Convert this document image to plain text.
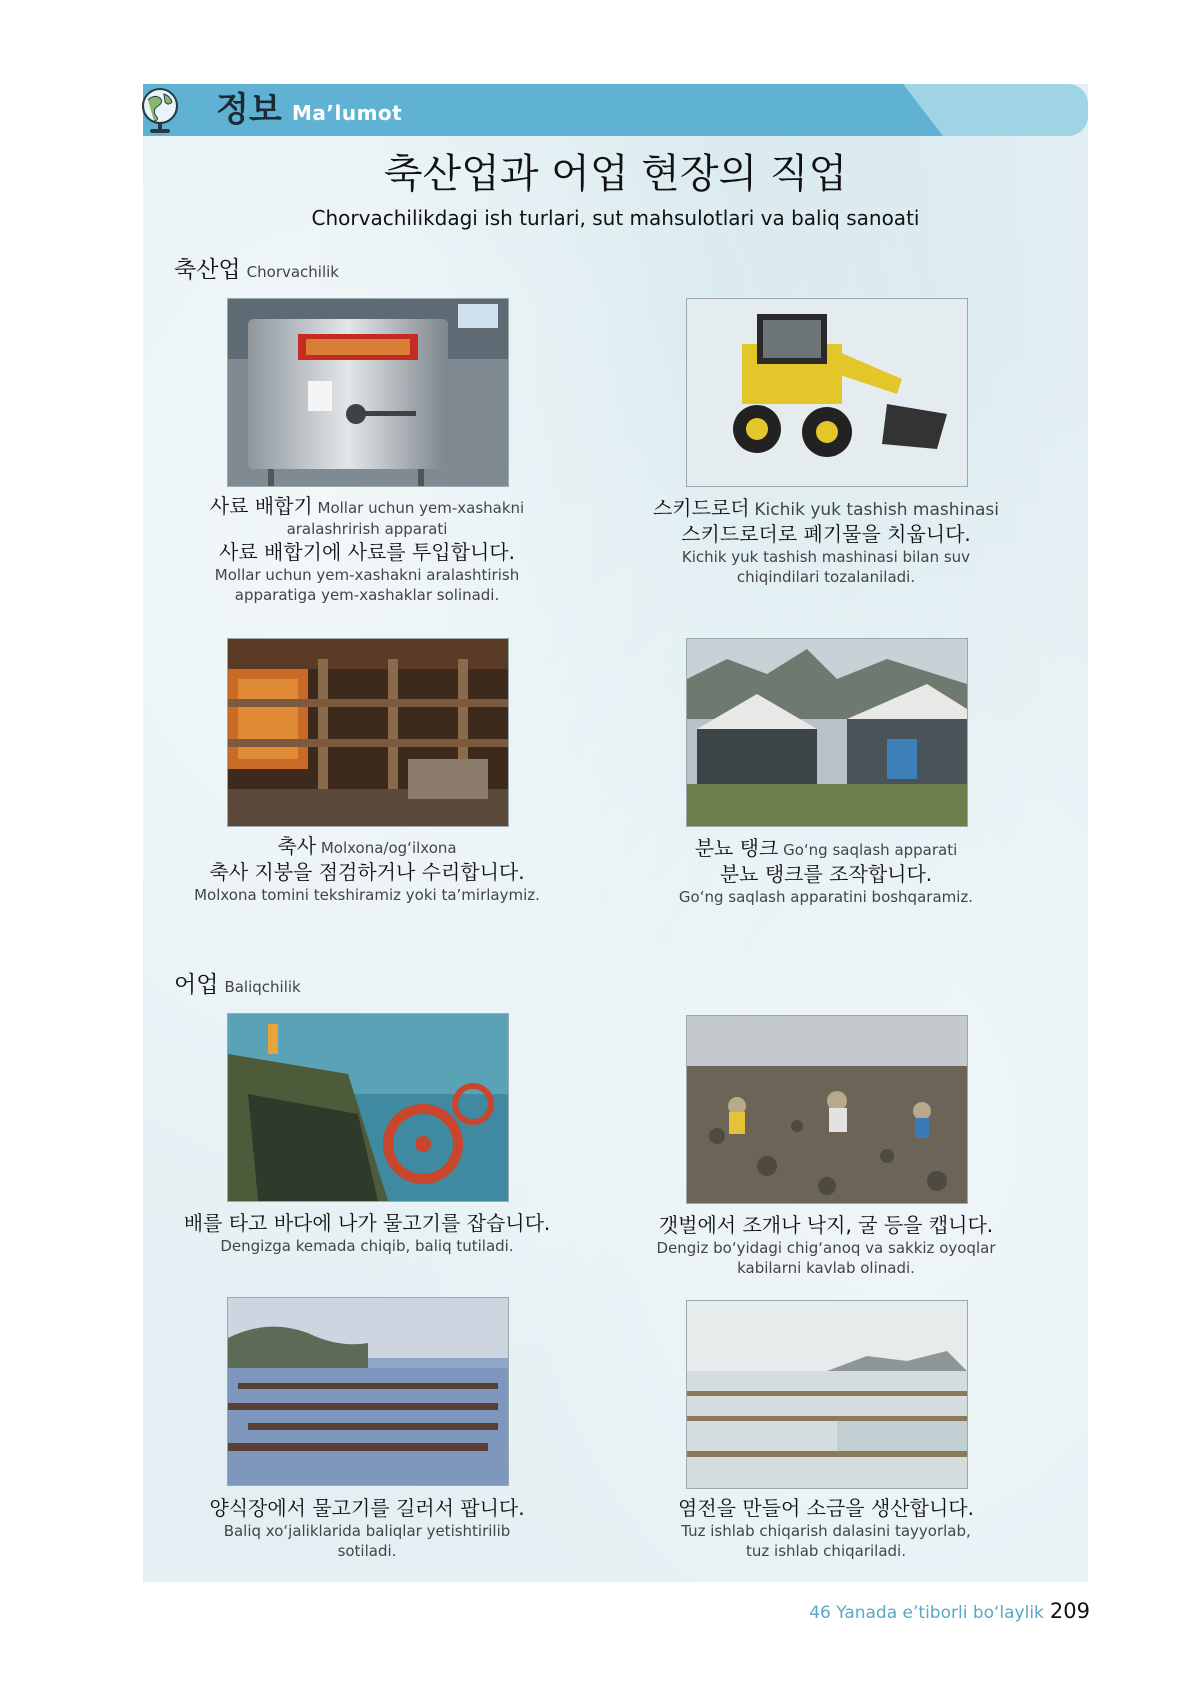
정보 Ma’lumot
축산업과 어업 현장의 직업
Chorvachilikdagi ish turlari, sut mahsulotlari va baliq sanoati
축산업 Chorvachilik
어업 Baliqchilik
사료 배합기 Mollar uchun yem-xashakni
aralashrirish apparati
사료 배합기에 사료를 투입합니다.
Mollar uchun yem-xashakni aralashtirish
apparatiga yem-xashaklar solinadi.
스키드로더 Kichik yuk tashish mashinasi
스키드로더로 폐기물을 치웁니다.
Kichik yuk tashish mashinasi bilan suv
chiqindilari tozalaniladi.
축사 Molxona/og‘ilxona
축사 지붕을 점검하거나 수리합니다.
Molxona tomini tekshiramiz yoki ta’mirlaymiz.
분뇨 탱크 Go‘ng saqlash apparati
분뇨 탱크를 조작합니다.
Go‘ng saqlash apparatini boshqaramiz.
배를 타고 바다에 나가 물고기를 잡습니다.
Dengizga kemada chiqib, baliq tutiladi.
갯벌에서 조개나 낙지, 굴 등을 캡니다.
Dengiz bo‘yidagi chig‘anoq va sakkiz oyoqlar
kabilarni kavlab olinadi.
양식장에서 물고기를 길러서 팝니다.
Baliq xo‘jaliklarida baliqlar yetishtirilib
sotiladi.
염전을 만들어 소금을 생산합니다.
Tuz ishlab chiqarish dalasini tayyorlab,
tuz ishlab chiqariladi.
46 Yanada e’tiborli bo‘laylik 209
